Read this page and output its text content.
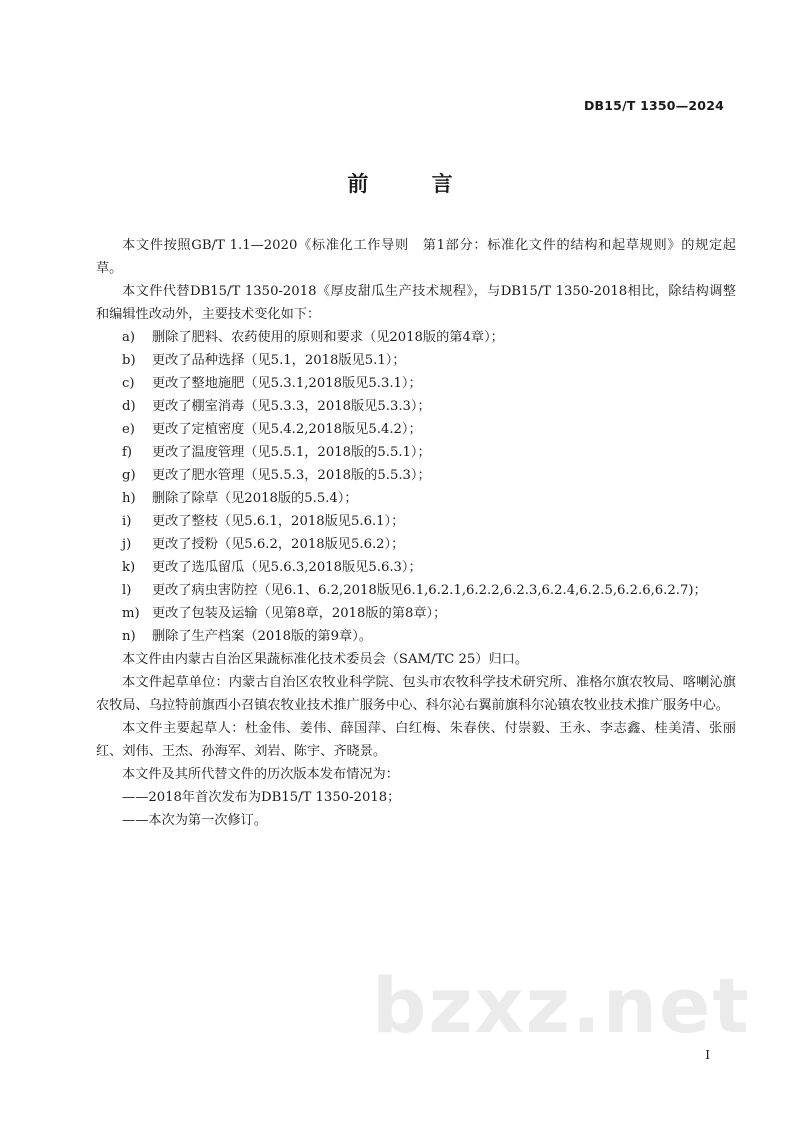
DB15/T 1350—2024
前 言

本文件按照GB/T 1.1—2020《标准化工作导则　第1部分：标准化文件的结构和起草规则》的规定起草。

本文件代替DB15/T 1350-2018《厚皮甜瓜生产技术规程》，与DB15/T 1350-2018相比，除结构调整和编辑性改动外，主要技术变化如下：

a)	删除了肥料、农药使用的原则和要求（见2018版的第4章）；
b)	更改了品种选择（见5.1，2018版见5.1）；
c)	更改了整地施肥（见5.3.1,2018版见5.3.1）；
d)	更改了棚室消毒（见5.3.3，2018版见5.3.3）；
e)	更改了定植密度（见5.4.2,2018版见5.4.2）；
f)	更改了温度管理（见5.5.1，2018版的5.5.1）；
g)	更改了肥水管理（见5.5.3，2018版的5.5.3）；
h)	删除了除草（见2018版的5.5.4）；
i)	更改了整枝（见5.6.1，2018版见5.6.1）；
j)	更改了授粉（见5.6.2，2018版见5.6.2）；
k)	更改了选瓜留瓜（见5.6.3,2018版见5.6.3）；
l)	更改了病虫害防控（见6.1、6.2,2018版见6.1,6.2.1,6.2.2,6.2.3,6.2.4,6.2.5,6.2.6,6.2.7)；
m) 更改了包装及运输（见第8章，2018版的第8章）；
n)	删除了生产档案（2018版的第9章）。

本文件由内蒙古自治区果蔬标准化技术委员会（SAM/TC 25）归口。

本文件起草单位：内蒙古自治区农牧业科学院、包头市农牧科学技术研究所、准格尔旗农牧局、喀喇沁旗农牧局、乌拉特前旗西小召镇农牧业技术推广服务中心、科尔沁右翼前旗科尔沁镇农牧业技术推广服务中心。

本文件主要起草人：杜金伟、姜伟、薛国萍、白红梅、朱春侠、付崇毅、王永、李志鑫、桂美清、张丽红、刘伟、王杰、孙海军、刘岩、陈宇、齐晓景。

本文件及其所代替文件的历次版本发布情况为：

——2018年首次发布为DB15/T 1350-2018；

——本次为第一次修订。

bzxz.net
I
